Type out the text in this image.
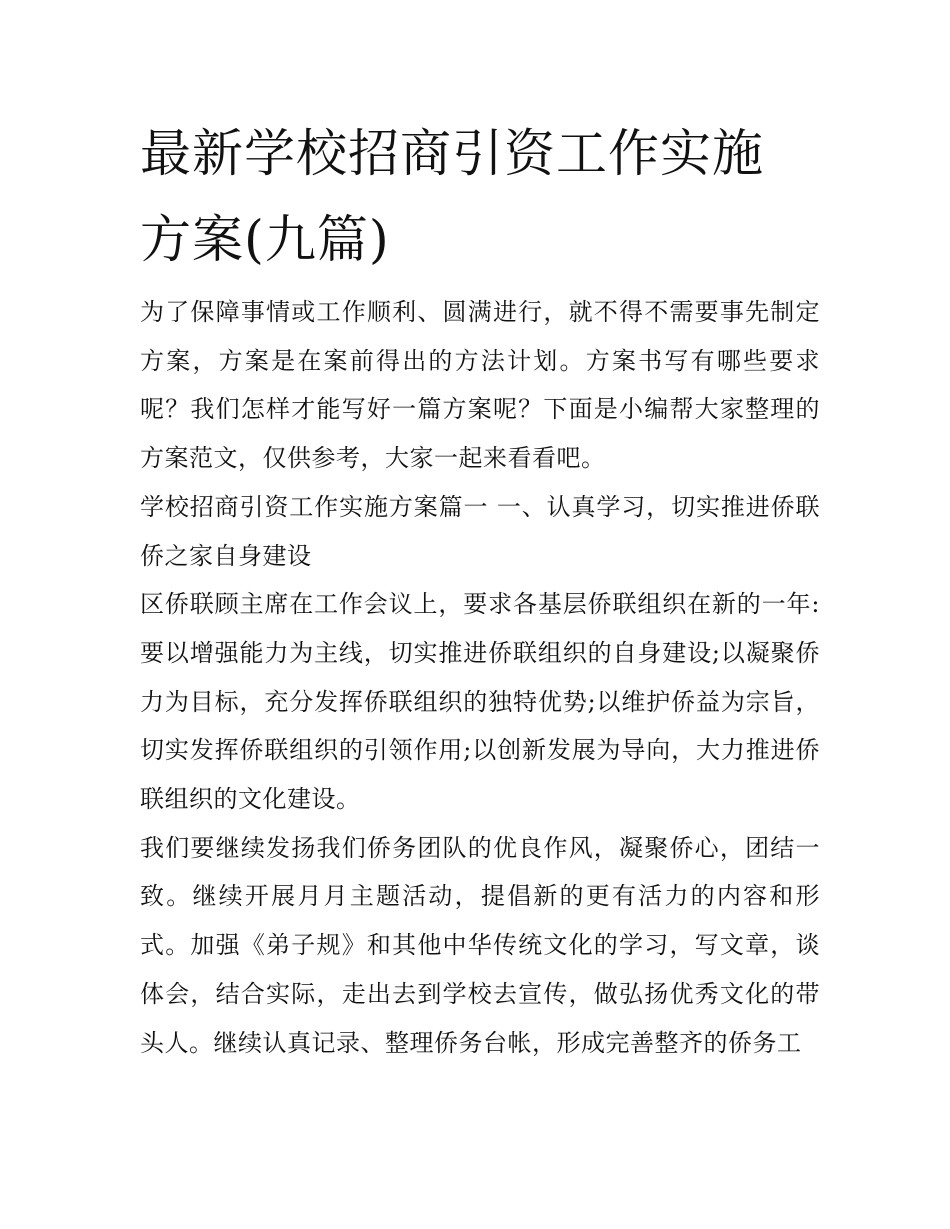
最新学校招商引资工作实施方案(九篇)

为了保障事情或工作顺利、圆满进行，就不得不需要事先制定方案，方案是在案前得出的方法计划。方案书写有哪些要求呢？我们怎样才能写好一篇方案呢？下面是小编帮大家整理的方案范文，仅供参考，大家一起来看看吧。

学校招商引资工作实施方案篇一 一、认真学习，切实推进侨联侨之家自身建设

区侨联顾主席在工作会议上，要求各基层侨联组织在新的一年:要以增强能力为主线，切实推进侨联组织的自身建设;以凝聚侨力为目标，充分发挥侨联组织的独特优势;以维护侨益为宗旨，切实发挥侨联组织的引领作用;以创新发展为导向，大力推进侨联组织的文化建设。

我们要继续发扬我们侨务团队的优良作风，凝聚侨心，团结一致。继续开展月月主题活动，提倡新的更有活力的内容和形式。加强《弟子规》和其他中华传统文化的学习，写文章，谈体会，结合实际，走出去到学校去宣传，做弘扬优秀文化的带头人。继续认真记录、整理侨务台帐，形成完善整齐的侨务工
